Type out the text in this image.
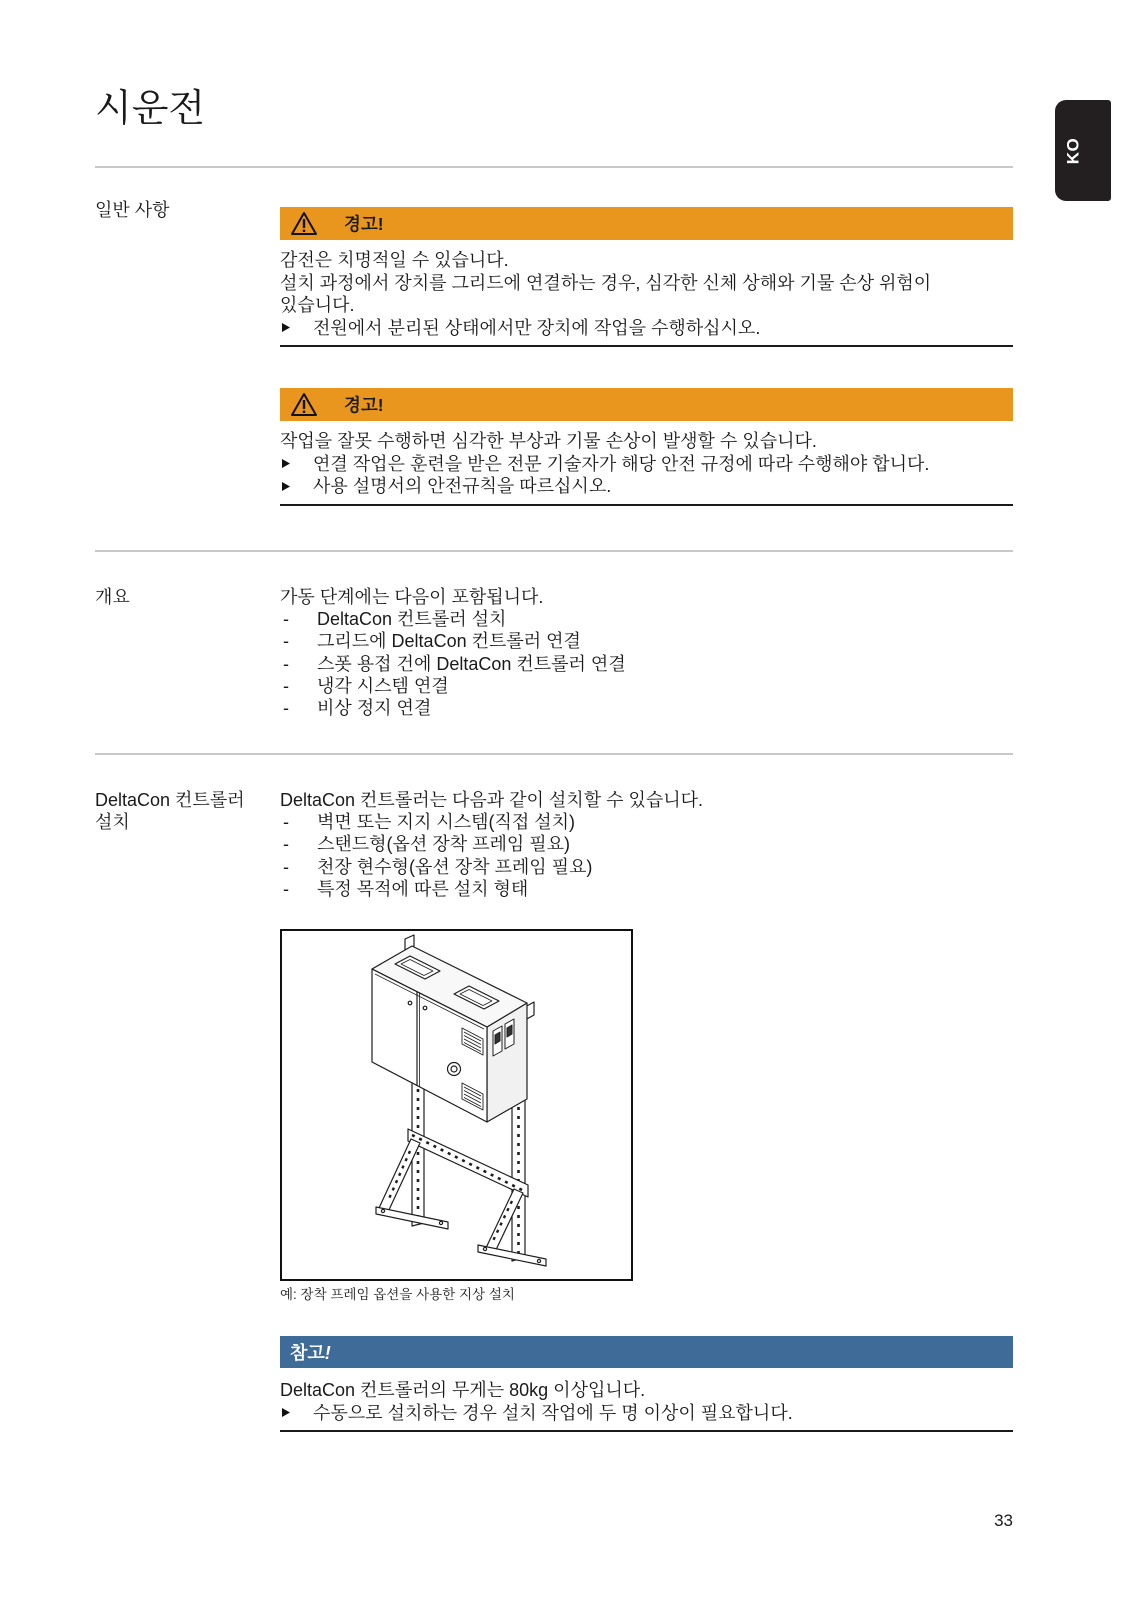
시운전
KO
일반 사항
경고!
감전은 치명적일 수 있습니다.
설치 과정에서 장치를 그리드에 연결하는 경우, 심각한 신체 상해와 기물 손상 위험이
있습니다.
전원에서 분리된 상태에서만 장치에 작업을 수행하십시오.
경고!
작업을 잘못 수행하면 심각한 부상과 기물 손상이 발생할 수 있습니다.
연결 작업은 훈련을 받은 전문 기술자가 해당 안전 규정에 따라 수행해야 합니다.
사용 설명서의 안전규칙을 따르십시오.
개요	가동 단계에는 다음이 포함됩니다.
-	DeltaCon 컨트롤러 설치
-	그리드에 DeltaCon 컨트롤러 연결
-	스폿 용접 건에 DeltaCon 컨트롤러 연결
-	냉각 시스템 연결
-	비상 정지 연결
DeltaCon 컨트롤러
설치
DeltaCon 컨트롤러는 다음과 같이 설치할 수 있습니다.
-	벽면 또는 지지 시스템(직접 설치)
-	스탠드형(옵션 장착 프레임 필요)
-	천장 현수형(옵션 장착 프레임 필요)
-	특정 목적에 따른 설치 형태
예: 장착 프레임 옵션을 사용한 지상 설치
참고!
DeltaCon 컨트롤러의 무게는 80kg 이상입니다.
수동으로 설치하는 경우 설치 작업에 두 명 이상이 필요합니다.
33
